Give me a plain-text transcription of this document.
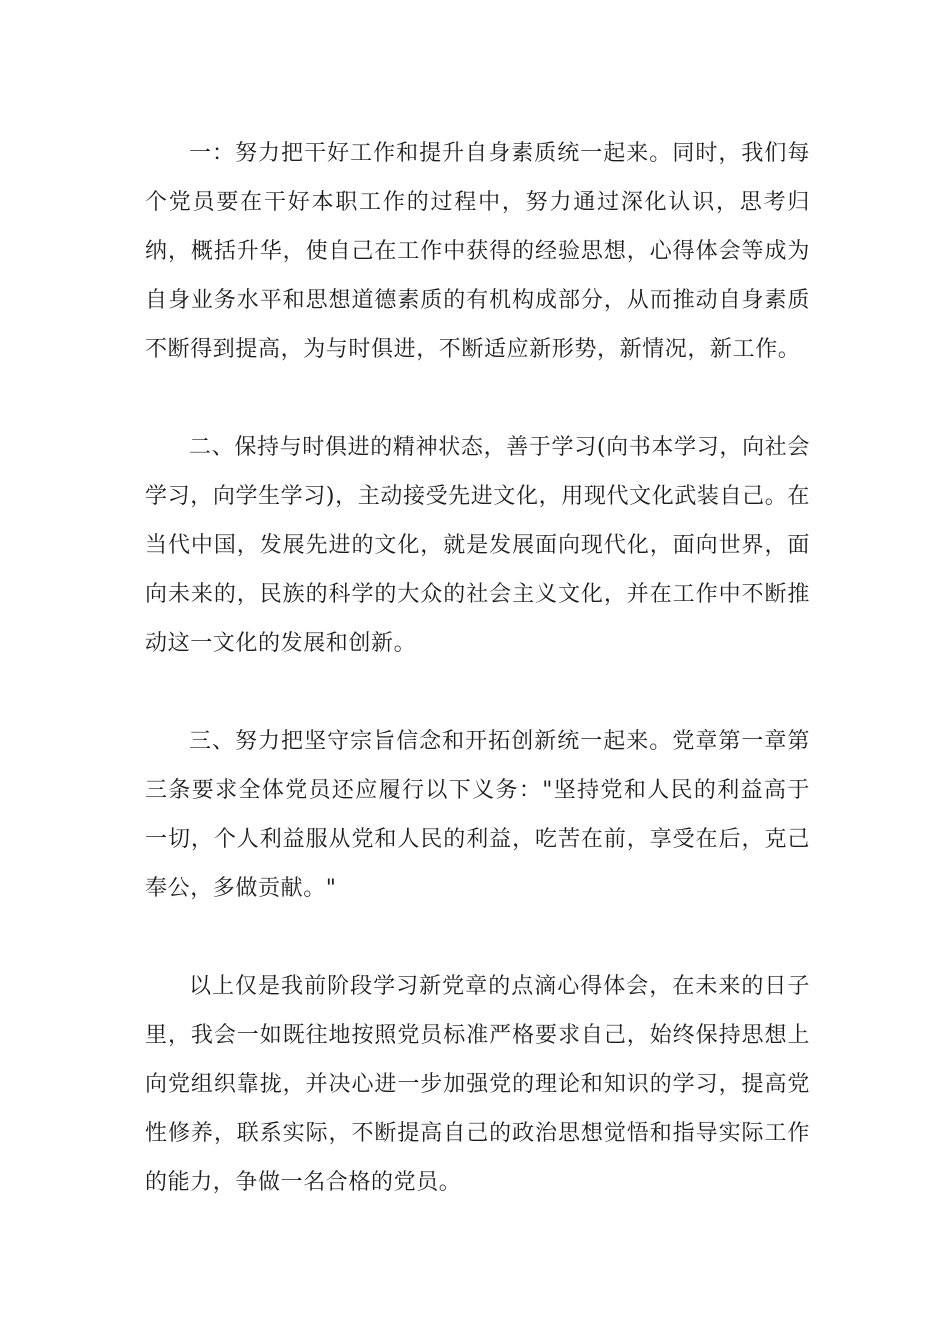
一：努力把干好工作和提升自身素质统一起来。同时，我们每个党员要在干好本职工作的过程中，努力通过深化认识，思考归纳，概括升华，使自己在工作中获得的经验思想，心得体会等成为自身业务水平和思想道德素质的有机构成部分，从而推动自身素质不断得到提高，为与时俱进，不断适应新形势，新情况，新工作。

二、保持与时俱进的精神状态，善于学习(向书本学习，向社会学习，向学生学习)，主动接受先进文化，用现代文化武装自己。在当代中国，发展先进的文化，就是发展面向现代化，面向世界，面向未来的，民族的科学的大众的社会主义文化，并在工作中不断推动这一文化的发展和创新。

三、努力把坚守宗旨信念和开拓创新统一起来。党章第一章第三条要求全体党员还应履行以下义务："坚持党和人民的利益高于一切，个人利益服从党和人民的利益，吃苦在前，享受在后，克己奉公，多做贡献。"

以上仅是我前阶段学习新党章的点滴心得体会，在未来的日子里，我会一如既往地按照党员标准严格要求自己，始终保持思想上向党组织靠拢，并决心进一步加强党的理论和知识的学习，提高党性修养，联系实际，不断提高自己的政治思想觉悟和指导实际工作的能力，争做一名合格的党员。
